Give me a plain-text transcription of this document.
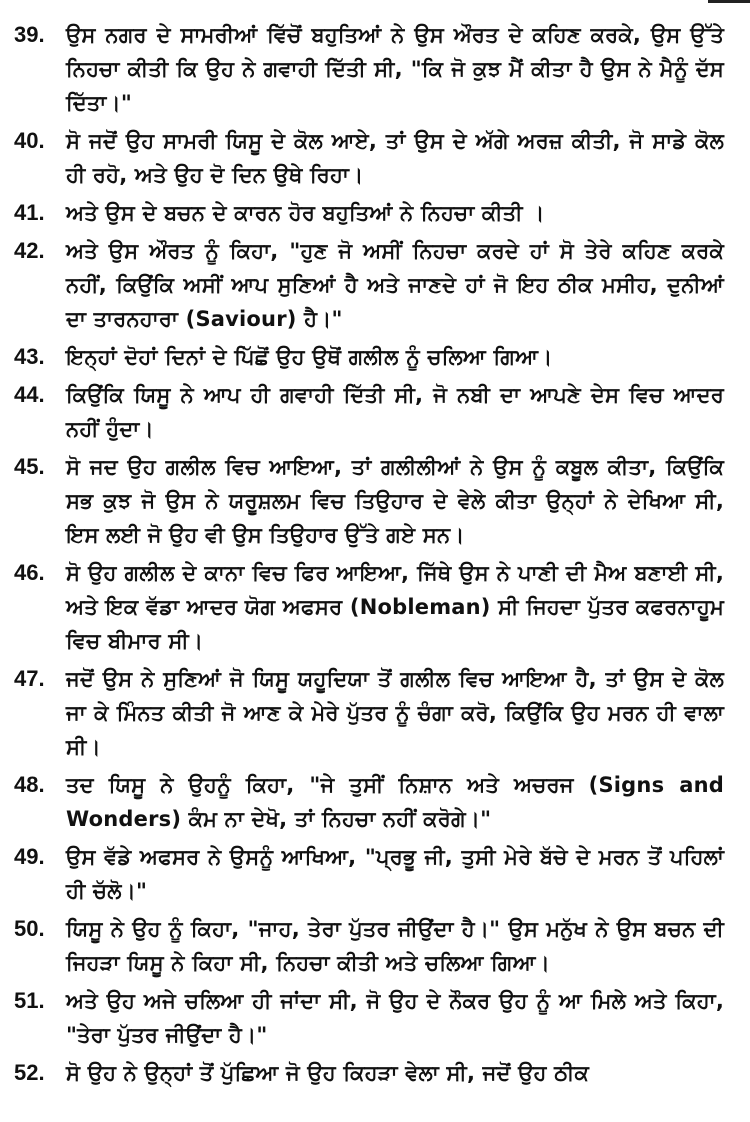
39.	ਉਸ ਨਗਰ ਦੇ ਸਾਮਰੀਆਂ ਵਿੱਚੋਂ ਬਹੁਤਿਆਂ ਨੇ ਉਸ ਔਰਤ ਦੇ ਕਹਿਣ ਕਰਕੇ, ਉਸ ਉੱਤੇ ਨਿਹਚਾ ਕੀਤੀ ਕਿ ਉਹ ਨੇ ਗਵਾਹੀ ਦਿੱਤੀ ਸੀ, "ਕਿ ਜੋ ਕੁਝ ਮੈਂ ਕੀਤਾ ਹੈ ਉਸ ਨੇ ਮੈਨੂੰ ਦੱਸ ਦਿੱਤਾ।"
40.	ਸੋ ਜਦੋਂ ਉਹ ਸਾਮਰੀ ਯਿਸੂ ਦੇ ਕੋਲ ਆਏ, ਤਾਂ ਉਸ ਦੇ ਅੱਗੇ ਅਰਜ਼ ਕੀਤੀ, ਜੋ ਸਾਡੇ ਕੋਲ ਹੀ ਰਹੋ, ਅਤੇ ਉਹ ਦੋ ਦਿਨ ਉਥੇ ਰਿਹਾ।
41.	ਅਤੇ ਉਸ ਦੇ ਬਚਨ ਦੇ ਕਾਰਨ ਹੋਰ ਬਹੁਤਿਆਂ ਨੇ ਨਿਹਚਾ ਕੀਤੀ ।
42.	ਅਤੇ ਉਸ ਔਰਤ ਨੂੰ ਕਿਹਾ, "ਹੁਣ ਜੋ ਅਸੀਂ ਨਿਹਚਾ ਕਰਦੇ ਹਾਂ ਸੋ ਤੇਰੇ ਕਹਿਣ ਕਰਕੇ ਨਹੀਂ, ਕਿਉਂਕਿ ਅਸੀਂ ਆਪ ਸੁਣਿਆਂ ਹੈ ਅਤੇ ਜਾਣਦੇ ਹਾਂ ਜੋ ਇਹ ਠੀਕ ਮਸੀਹ, ਦੁਨੀਆਂ ਦਾ ਤਾਰਨਹਾਰਾ (Saviour) ਹੈ।"
43.	ਇਨ੍ਹਾਂ ਦੋਹਾਂ ਦਿਨਾਂ ਦੇ ਪਿੱਛੋਂ ਉਹ ਉਥੋਂ ਗਲੀਲ ਨੂੰ ਚਲਿਆ ਗਿਆ।
44.	ਕਿਉਂਕਿ ਯਿਸੂ ਨੇ ਆਪ ਹੀ ਗਵਾਹੀ ਦਿੱਤੀ ਸੀ, ਜੋ ਨਬੀ ਦਾ ਆਪਣੇ ਦੇਸ ਵਿਚ ਆਦਰ ਨਹੀਂ ਹੁੰਦਾ।
45.	ਸੋ ਜਦ ਉਹ ਗਲੀਲ ਵਿਚ ਆਇਆ, ਤਾਂ ਗਲੀਲੀਆਂ ਨੇ ਉਸ ਨੂੰ ਕਬੂਲ ਕੀਤਾ, ਕਿਉਂਕਿ ਸਭ ਕੁਝ ਜੋ ਉਸ ਨੇ ਯਰੂਸ਼ਲਮ ਵਿਚ ਤਿਉਹਾਰ ਦੇ ਵੇਲੇ ਕੀਤਾ ਉਨ੍ਹਾਂ ਨੇ ਦੇਖਿਆ ਸੀ, ਇਸ ਲਈ ਜੋ ਉਹ ਵੀ ਉਸ ਤਿਉਹਾਰ ਉੱਤੇ ਗਏ ਸਨ।
46.	ਸੋ ਉਹ ਗਲੀਲ ਦੇ ਕਾਨਾ ਵਿਚ ਫਿਰ ਆਇਆ, ਜਿੱਥੇ ਉਸ ਨੇ ਪਾਣੀ ਦੀ ਮੈਅ ਬਣਾਈ ਸੀ, ਅਤੇ ਇਕ ਵੱਡਾ ਆਦਰ ਯੋਗ ਅਫਸਰ (Nobleman) ਸੀ ਜਿਹਦਾ ਪੁੱਤਰ ਕਫਰਨਾਹੂਮ ਵਿਚ ਬੀਮਾਰ ਸੀ।
47.	ਜਦੋਂ ਉਸ ਨੇ ਸੁਣਿਆਂ ਜੋ ਯਿਸੂ ਯਹੂਦਿਯਾ ਤੋਂ ਗਲੀਲ ਵਿਚ ਆਇਆ ਹੈ, ਤਾਂ ਉਸ ਦੇ ਕੋਲ ਜਾ ਕੇ ਮਿੰਨਤ ਕੀਤੀ ਜੋ ਆਣ ਕੇ ਮੇਰੇ ਪੁੱਤਰ ਨੂੰ ਚੰਗਾ ਕਰੋ, ਕਿਉਂਕਿ ਉਹ ਮਰਨ ਹੀ ਵਾਲਾ ਸੀ।
48.	ਤਦ ਯਿਸੂ ਨੇ ਉਹਨੂੰ ਕਿਹਾ, "ਜੇ ਤੁਸੀਂ ਨਿਸ਼ਾਨ ਅਤੇ ਅਚਰਜ (Signs and Wonders) ਕੰਮ ਨਾ ਦੇਖੋ, ਤਾਂ ਨਿਹਚਾ ਨਹੀਂ ਕਰੋਗੇ।"
49.	ਉਸ ਵੱਡੇ ਅਫਸਰ ਨੇ ਉਸਨੂੰ ਆਖਿਆ, "ਪ੍ਰਭੂ ਜੀ, ਤੁਸੀ ਮੇਰੇ ਬੱਚੇ ਦੇ ਮਰਨ ਤੋਂ ਪਹਿਲਾਂ ਹੀ ਚੱਲੋ।"
50.	ਯਿਸੂ ਨੇ ਉਹ ਨੂੰ ਕਿਹਾ, "ਜਾਹ, ਤੇਰਾ ਪੁੱਤਰ ਜੀਉਂਦਾ ਹੈ।" ਉਸ ਮਨੁੱਖ ਨੇ ਉਸ ਬਚਨ ਦੀ ਜਿਹੜਾ ਯਿਸੂ ਨੇ ਕਿਹਾ ਸੀ, ਨਿਹਚਾ ਕੀਤੀ ਅਤੇ ਚਲਿਆ ਗਿਆ।
51.	ਅਤੇ ਉਹ ਅਜੇ ਚਲਿਆ ਹੀ ਜਾਂਦਾ ਸੀ, ਜੋ ਉਹ ਦੇ ਨੌਕਰ ਉਹ ਨੂੰ ਆ ਮਿਲੇ ਅਤੇ ਕਿਹਾ, "ਤੇਰਾ ਪੁੱਤਰ ਜੀਉਂਦਾ ਹੈ।"
52.	ਸੋ ਉਹ ਨੇ ਉਨ੍ਹਾਂ ਤੋਂ ਪੁੱਛਿਆ ਜੋ ਉਹ ਕਿਹੜਾ ਵੇਲਾ ਸੀ, ਜਦੋਂ ਉਹ ਠੀਕ
